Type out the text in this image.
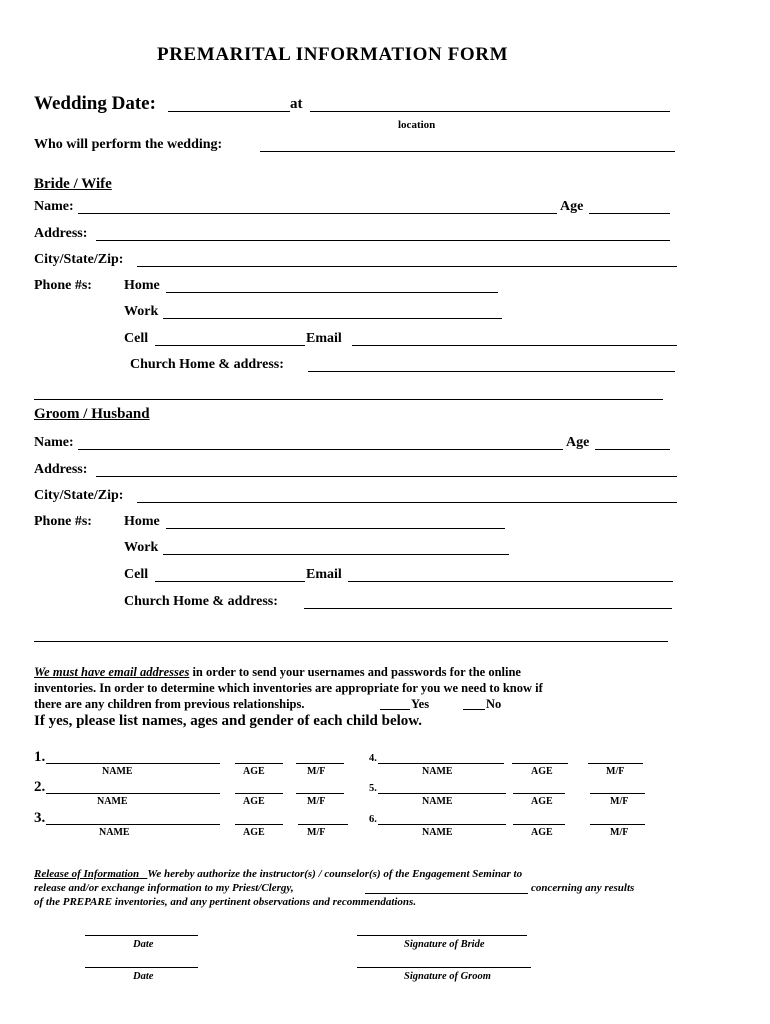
PREMARITAL INFORMATION FORM
Wedding Date:	at
location
Who will perform the wedding:
Bride / Wife
Name:	Age
Address:
City/State/Zip:
Phone #s: Home
Work
Cell	Email
Church Home & address:
Groom / Husband
Name:	Age
Address:
City/State/Zip:
Phone #s: Home
Work
Cell	Email
Church Home & address:
We must have email addresses in order to send your usernames and passwords for the online
inventories. In order to determine which inventories are appropriate for you we need to know if
there are any children from previous relationships.	Yes	No
If yes, please list names, ages and gender of each child below.
1.
NAME	AGE	M/F
2.
NAME	AGE	M/F
3.
NAME	AGE	M/F
4.
NAME	AGE	M/F
5.
NAME	AGE	M/F
6.
NAME	AGE	M/F
Release of Information We hereby authorize the instructor(s) / counselor(s) of the Engagement Seminar to
release and/or exchange information to my Priest/Clergy,	concerning any results
of the PREPARE inventories, and any pertinent observations and recommendations.
Date	Signature of Bride
Date	Signature of Groom
